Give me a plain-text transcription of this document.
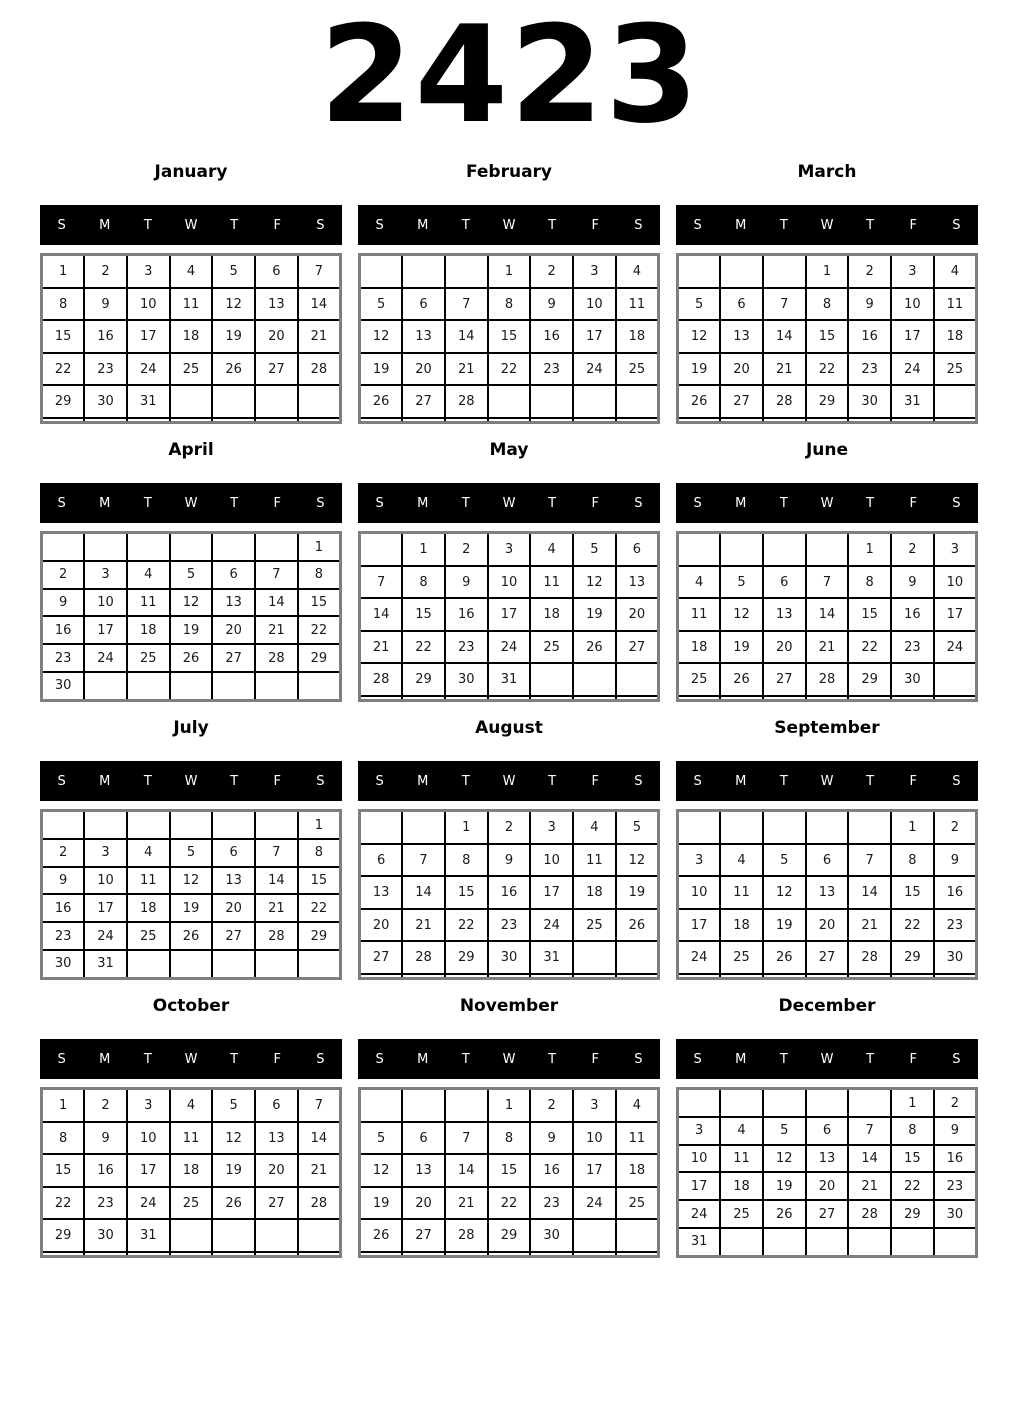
2423
January
S	M	T	W	T	F	S
1	2	3	4	5	6	7
8	9	10	11	12	13	14
15	16	17	18	19	20	21
22	23	24	25	26	27	28
29	30	31				

February
S	M	T	W	T	F	S
			1	2	3	4
5	6	7	8	9	10	11
12	13	14	15	16	17	18
19	20	21	22	23	24	25
26	27	28				

March
S	M	T	W	T	F	S
			1	2	3	4
5	6	7	8	9	10	11
12	13	14	15	16	17	18
19	20	21	22	23	24	25
26	27	28	29	30	31	

April
S	M	T	W	T	F	S
						1
2	3	4	5	6	7	8
9	10	11	12	13	14	15
16	17	18	19	20	21	22
23	24	25	26	27	28	29
30						
May
S	M	T	W	T	F	S
	1	2	3	4	5	6
7	8	9	10	11	12	13
14	15	16	17	18	19	20
21	22	23	24	25	26	27
28	29	30	31			

June
S	M	T	W	T	F	S
				1	2	3
4	5	6	7	8	9	10
11	12	13	14	15	16	17
18	19	20	21	22	23	24
25	26	27	28	29	30	

July
S	M	T	W	T	F	S
						1
2	3	4	5	6	7	8
9	10	11	12	13	14	15
16	17	18	19	20	21	22
23	24	25	26	27	28	29
30	31					
August
S	M	T	W	T	F	S
		1	2	3	4	5
6	7	8	9	10	11	12
13	14	15	16	17	18	19
20	21	22	23	24	25	26
27	28	29	30	31		

September
S	M	T	W	T	F	S
					1	2
3	4	5	6	7	8	9
10	11	12	13	14	15	16
17	18	19	20	21	22	23
24	25	26	27	28	29	30

October
S	M	T	W	T	F	S
1	2	3	4	5	6	7
8	9	10	11	12	13	14
15	16	17	18	19	20	21
22	23	24	25	26	27	28
29	30	31				

November
S	M	T	W	T	F	S
			1	2	3	4
5	6	7	8	9	10	11
12	13	14	15	16	17	18
19	20	21	22	23	24	25
26	27	28	29	30		

December
S	M	T	W	T	F	S
					1	2
3	4	5	6	7	8	9
10	11	12	13	14	15	16
17	18	19	20	21	22	23
24	25	26	27	28	29	30
31						
